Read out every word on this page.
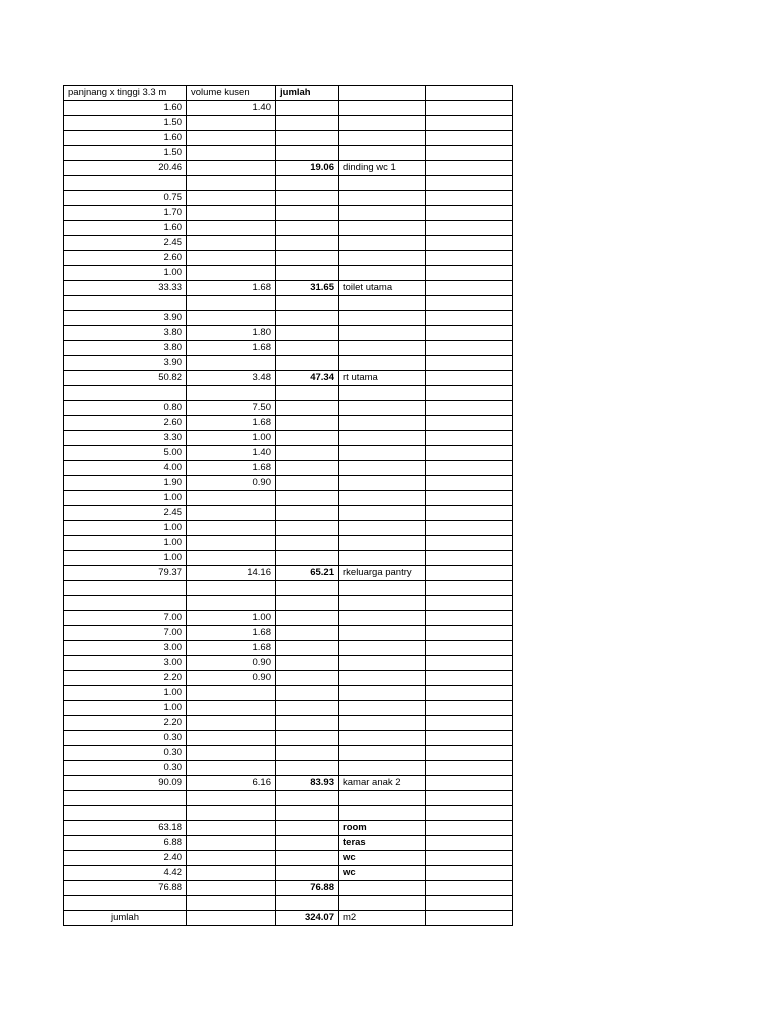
panjnang x tinggi 3.3 m	volume kusen	jumlah		
1.60	1.40			
1.50				
1.60				
1.50				
20.46		19.06	dinding wc 1	

0.75				
1.70				
1.60				
2.45				
2.60				
1.00				
33.33	1.68	31.65	toilet utama	

3.90				
3.80	1.80			
3.80	1.68			
3.90				
50.82	3.48	47.34	rt utama	

0.80	7.50			
2.60	1.68			
3.30	1.00			
5.00	1.40			
4.00	1.68			
1.90	0.90			
1.00				
2.45				
1.00				
1.00				
1.00				
79.37	14.16	65.21	rkeluarga pantry	

7.00	1.00			
7.00	1.68			
3.00	1.68			
3.00	0.90			
2.20	0.90			
1.00				
1.00				
2.20				
0.30				
0.30				
0.30				
90.09	6.16	83.93	kamar anak 2	

63.18			room	
6.88			teras	
2.40			wc	
4.42			wc	
76.88		76.88		

jumlah		324.07	m2	
